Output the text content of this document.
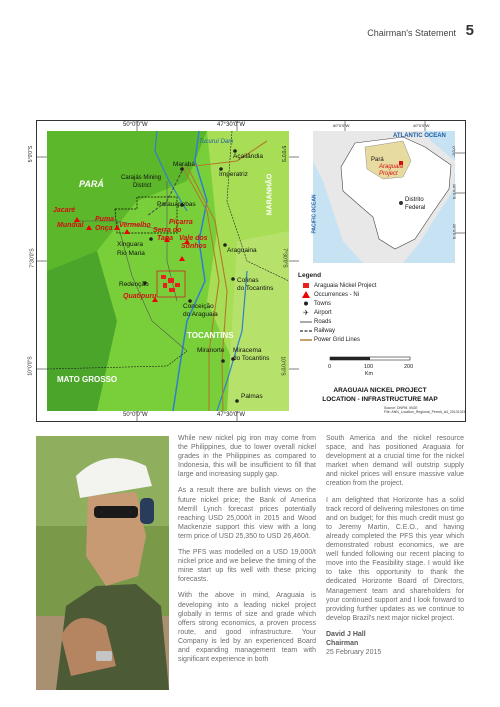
Chairman's Statement 5
50°0'0"W	47°30'0"W
50°0'0"W	47°30'0"W
5°0'0"S
7°30'0"S
10°0'0"S
5°0'0"S
7°30'0"S
10°0'0"S
PARÁ	MARANHÃO
TOCANTINS
MATO GROSSO
Tucuruí Dam
Carajás Mining
District
Marabá
Açailândia
Imperatriz
Parauapebas
Xinguara
Rio Maria	Araguaina
Redenção
Conceição
do Araguaia
Colinas
do Tocantins
Miranorte Miracema
do Tocantins
Palmas
Jacaré
Mundial
Puma
Onça Vermelho	Piçarra
Serra do
Tapa Vale dos
Sonhos
Quatipuru
60°0'0"W	40°0'0"W
0°0'0"
10°0'0"S
20°0'0"S
ATLANTIC OCEAN
PACIFIC OCEAN
Pará
Araguaia
Project
Distrito
Federal
Legend
Araguaia Nickel Project
Occurrences - Ni
Towns
✈ Airport
Roads
Railway
Power Grid Lines
0	100	200
Km
ARAGUAIA NICKEL PROJECT
LOCATION - INFRASTRUCTURE MAP
Source: DNPM, IBGE
File: ANN_Location_Regional_Permit_A4_20131021

While new nickel pig iron may come from the Philippines, due to lower overall nickel grades in the Philippines as compared to Indonesia, this will be insufficient to fill that large and increasing supply gap.

As a result there are bullish views on the future nickel price; the Bank of America Merrill Lynch forecast prices potentially reaching USD 25,000/t in 2015 and Wood Mackenzie support this view with a long term price of USD 25,350 to USD 26,460/t.

The PFS was modelled on a USD 19,000/t nickel price and we believe the timing of the mine start up fits well with these pricing forecasts.

With the above in mind, Araguaia is developing into a leading nickel project globally in terms of size and grade which offers strong economics, a proven process route, and good infrastructure. Your Company is led by an experienced Board and expanding management team with significant experience in both

South America and the nickel resource space, and has positioned Araguaia for development at a crucial time for the nickel market when demand will outstrip supply and nickel prices will ensure massive value creation from the project.

I am delighted that Horizonte has a solid track record of delivering milestones on time and on budget; for this much credit must go to Jeremy Martin, C.E.O., and having already completed the PFS this year which demonstrated robust economics, we are well funded following our recent placing to move into the Feasibility stage. I would like to take this opportunity to thank the dedicated Horizonte Board of Directors, Management team and shareholders for your continued support and I look forward to providing further updates as we continue to develop Brazil's next major nickel project.

David J Hall
Chairman
25 February 2015
